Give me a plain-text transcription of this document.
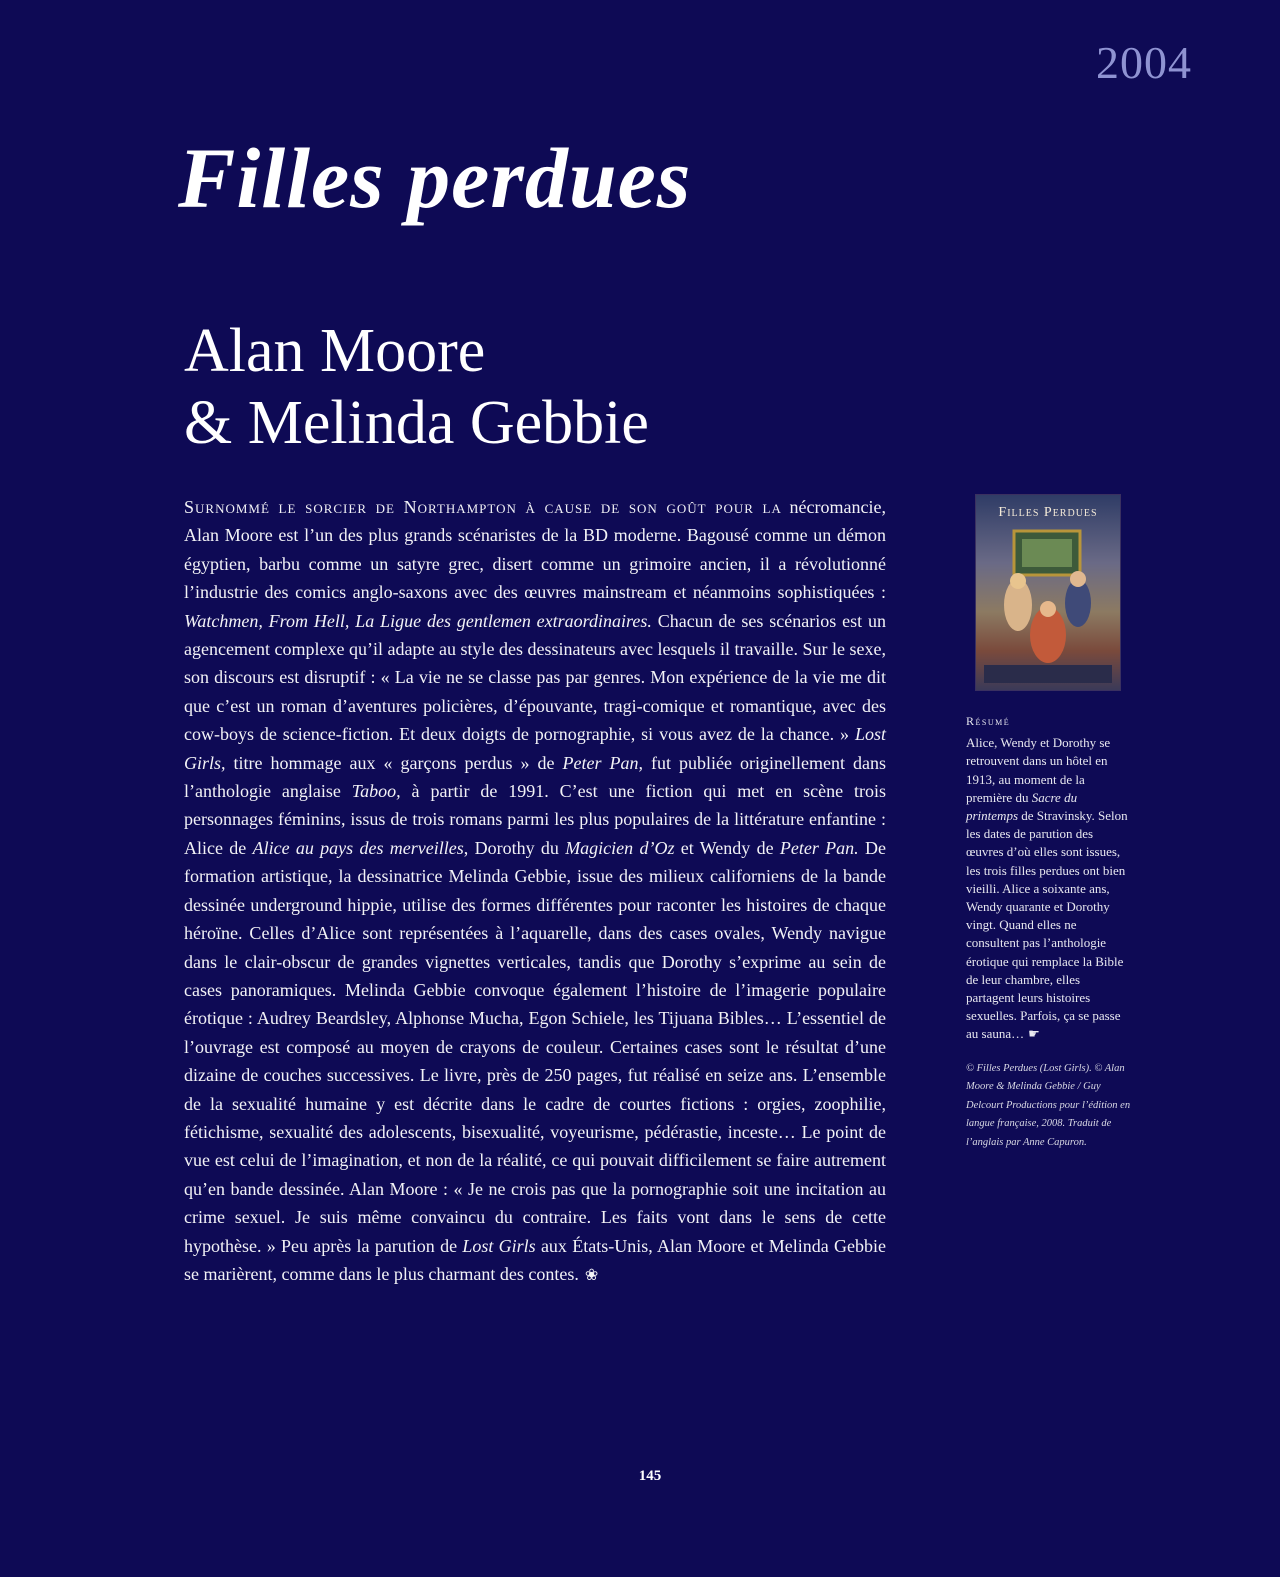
2004
Filles perdues
Alan Moore
& Melinda Gebbie

Surnommé le sorcier de Northampton à cause de son goût pour la nécromancie, Alan Moore est l’un des plus grands scénaristes de la BD moderne. Bagousé comme un démon égyptien, barbu comme un satyre grec, disert comme un grimoire ancien, il a révolutionné l’industrie des comics anglo-saxons avec des œuvres mainstream et néanmoins sophistiquées : Watchmen, From Hell, La Ligue des gentlemen extraordinaires. Chacun de ses scénarios est un agencement complexe qu’il adapte au style des dessinateurs avec lesquels il travaille. Sur le sexe, son discours est disruptif : « La vie ne se classe pas par genres. Mon expérience de la vie me dit que c’est un roman d’aventures policières, d’épouvante, tragi-comique et romantique, avec des cow-boys de science-fiction. Et deux doigts de pornographie, si vous avez de la chance. » Lost Girls, titre hommage aux « garçons perdus » de Peter Pan, fut publiée originellement dans l’anthologie anglaise Taboo, à partir de 1991. C’est une fiction qui met en scène trois personnages féminins, issus de trois romans parmi les plus populaires de la littérature enfantine : Alice de Alice au pays des merveilles, Dorothy du Magicien d’Oz et Wendy de Peter Pan. De formation artistique, la dessinatrice Melinda Gebbie, issue des milieux californiens de la bande dessinée underground hippie, utilise des formes différentes pour raconter les histoires de chaque héroïne. Celles d’Alice sont représentées à l’aquarelle, dans des cases ovales, Wendy navigue dans le clair-obscur de grandes vignettes verticales, tandis que Dorothy s’exprime au sein de cases panoramiques. Melinda Gebbie convoque également l’histoire de l’imagerie populaire érotique : Audrey Beardsley, Alphonse Mucha, Egon Schiele, les Tijuana Bibles… L’essentiel de l’ouvrage est composé au moyen de crayons de couleur. Certaines cases sont le résultat d’une dizaine de couches successives. Le livre, près de 250 pages, fut réalisé en seize ans. L’ensemble de la sexualité humaine y est décrite dans le cadre de courtes fictions : orgies, zoophilie, fétichisme, sexualité des adolescents, bisexualité, voyeurisme, pédérastie, inceste… Le point de vue est celui de l’imagination, et non de la réalité, ce qui pouvait difficilement se faire autrement qu’en bande dessinée. Alan Moore : « Je ne crois pas que la pornographie soit une incitation au crime sexuel. Je suis même convaincu du contraire. Les faits vont dans le sens de cette hypothèse. » Peu après la parution de Lost Girls aux États-Unis, Alan Moore et Melinda Gebbie se marièrent, comme dans le plus charmant des contes. ❀

Filles Perdues
Résumé
Alice, Wendy et Dorothy se retrouvent dans un hôtel en 1913, au moment de la première du Sacre du printemps de Stravinsky. Selon les dates de parution des œuvres d’où elles sont issues, les trois filles perdues ont bien vieilli. Alice a soixante ans, Wendy quarante et Dorothy vingt. Quand elles ne consultent pas l’anthologie érotique qui remplace la Bible de leur chambre, elles partagent leurs histoires sexuelles. Parfois, ça se passe au sauna… ☛
© Filles Perdues (Lost Girls). © Alan Moore & Melinda Gebbie / Guy Delcourt Productions pour l’édition en langue française, 2008. Traduit de l’anglais par Anne Capuron.
145
